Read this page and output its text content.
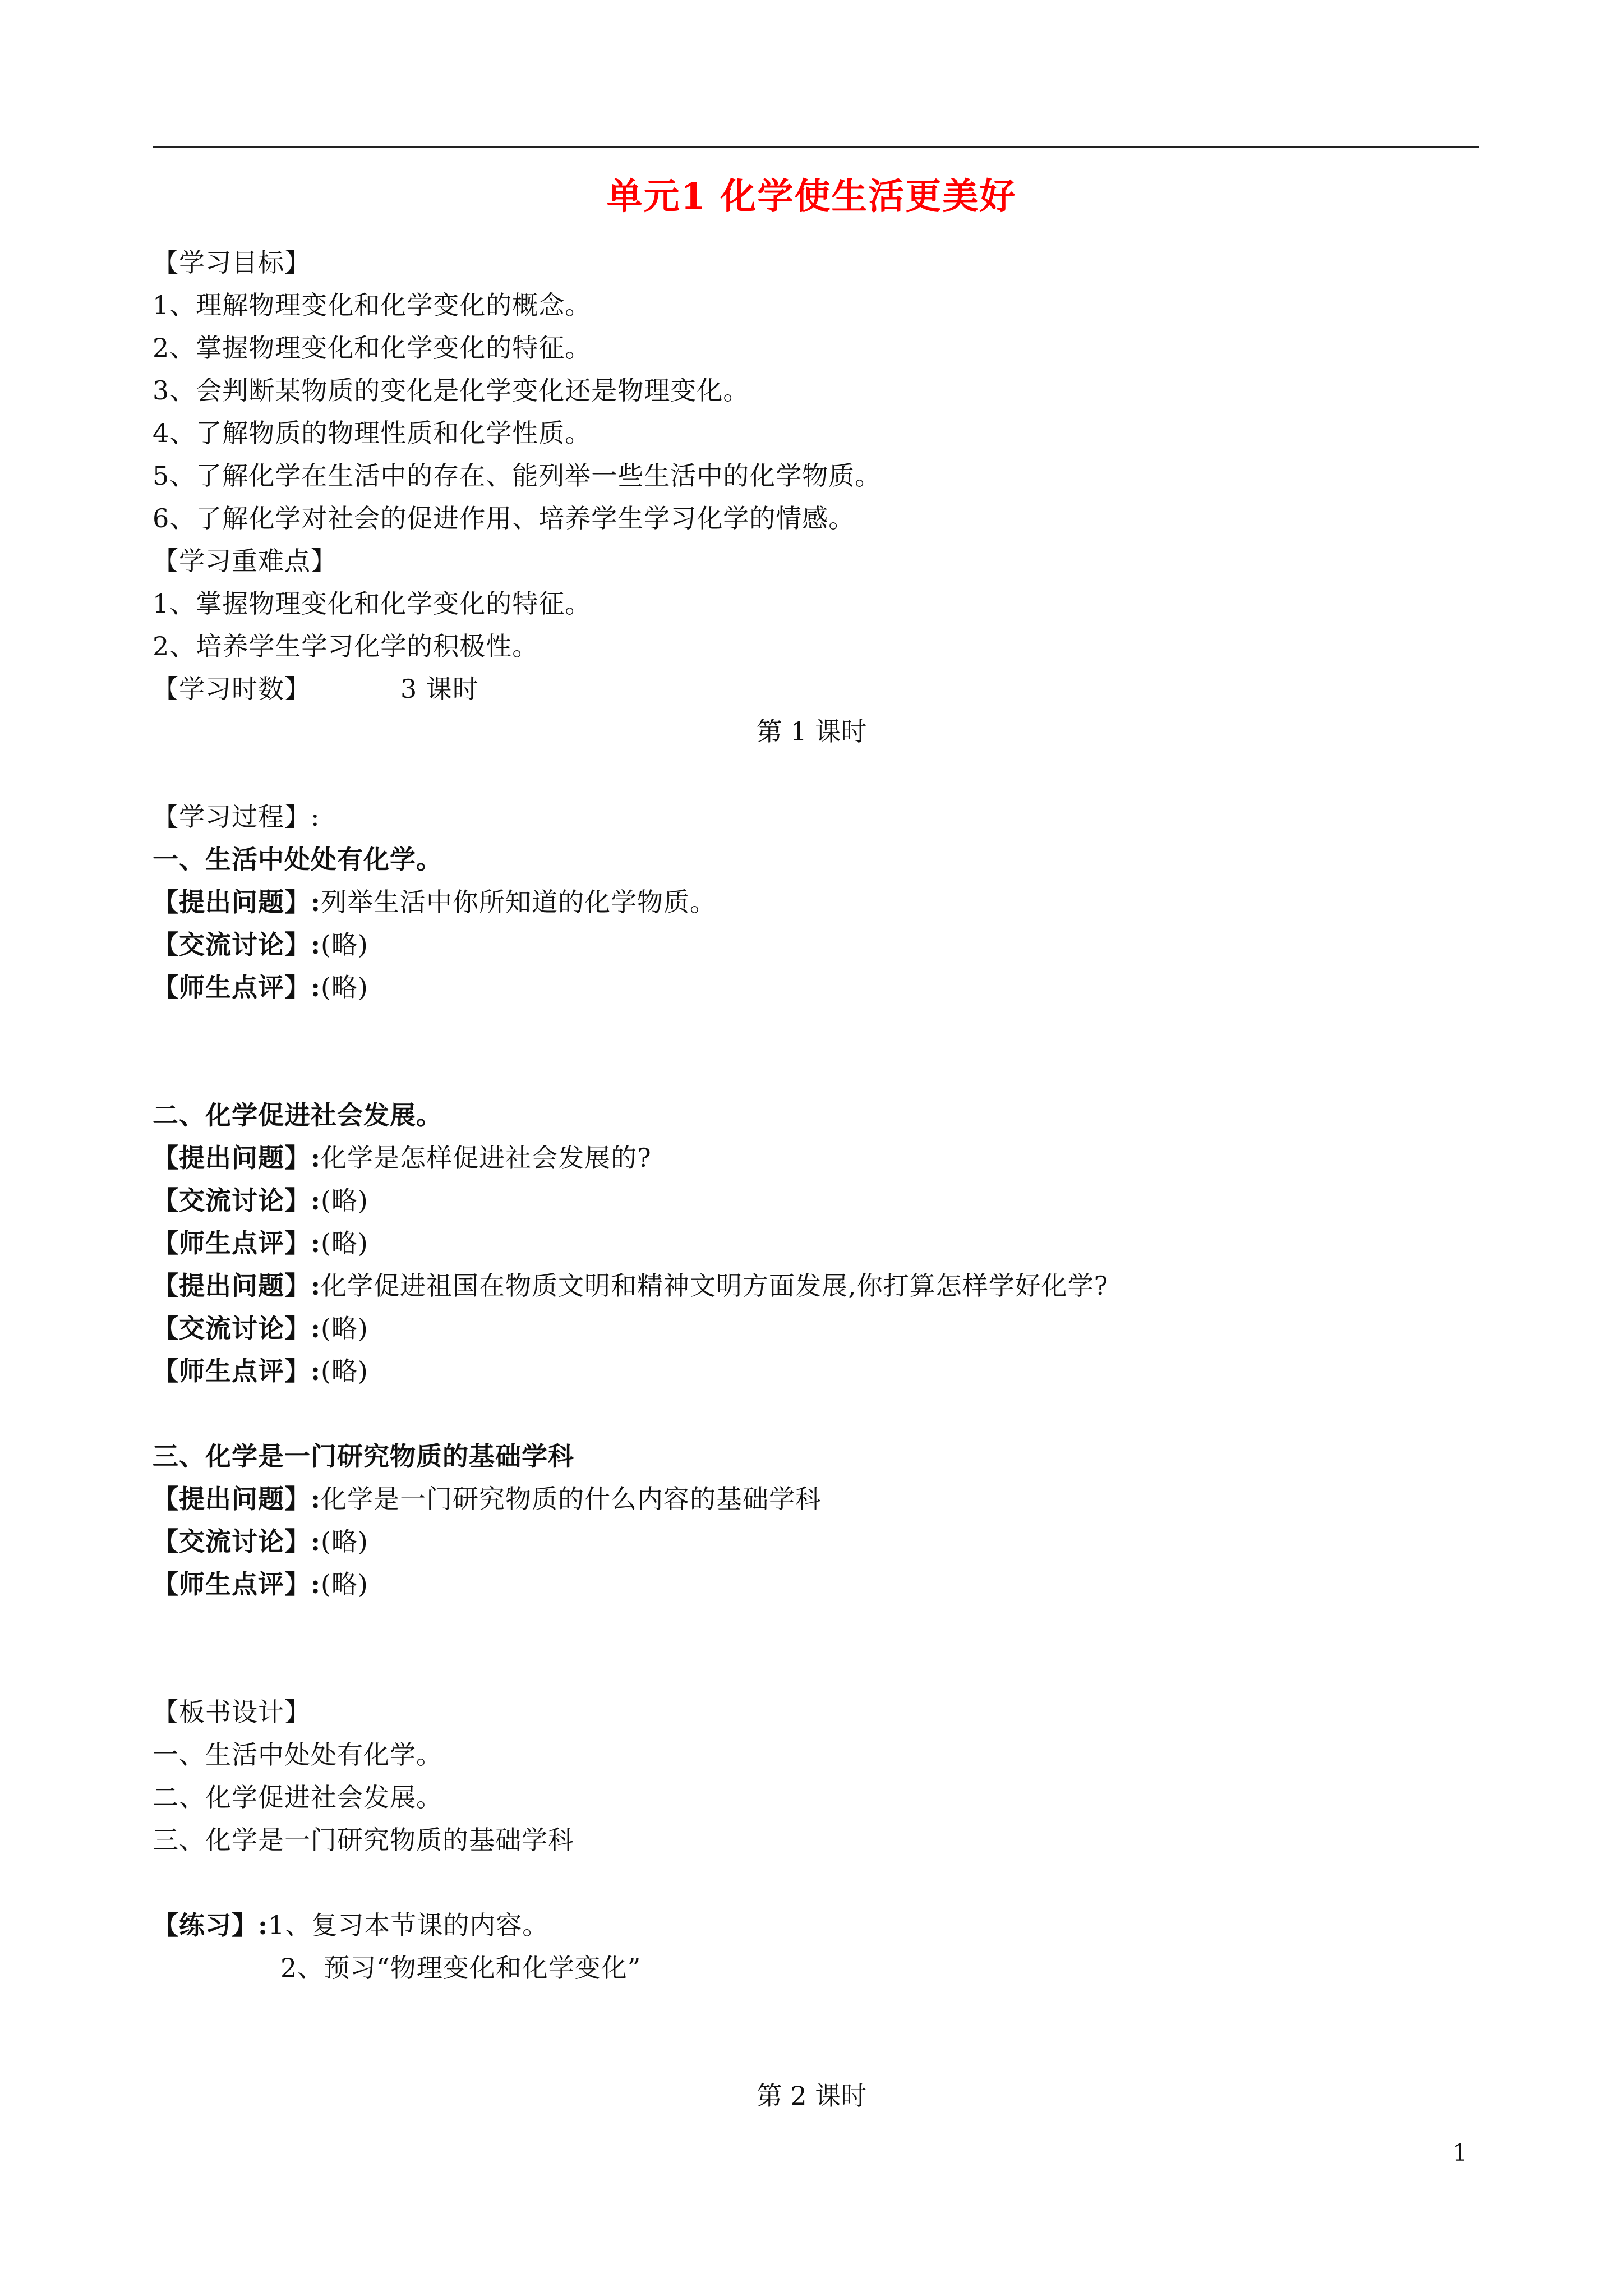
单元1 化学使生活更美好
【学习目标】
1、理解物理变化和化学变化的概念。
2、掌握物理变化和化学变化的特征。
3、会判断某物质的变化是化学变化还是物理变化。
4、了解物质的物理性质和化学性质。
5、了解化学在生活中的存在、能列举一些生活中的化学物质。
6、了解化学对社会的促进作用、培养学生学习化学的情感。
【学习重难点】
1、掌握物理变化和化学变化的特征。
2、培养学生学习化学的积极性。
【学习时数】	3 课时
第 1 课时
【学习过程】:
一、生活中处处有化学。
【提出问题】:列举生活中你所知道的化学物质。
【交流讨论】:(略)
【师生点评】:(略)
二、化学促进社会发展。
【提出问题】:化学是怎样促进社会发展的?
【交流讨论】:(略)
【师生点评】:(略)
【提出问题】:化学促进祖国在物质文明和精神文明方面发展,你打算怎样学好化学?
【交流讨论】:(略)
【师生点评】:(略)
三、化学是一门研究物质的基础学科
【提出问题】:化学是一门研究物质的什么内容的基础学科
【交流讨论】:(略)
【师生点评】:(略)
【板书设计】
一、生活中处处有化学。
二、化学促进社会发展。
三、化学是一门研究物质的基础学科
【练习】:1、复习本节课的内容。
2、预习“物理变化和化学变化”
第 2 课时
1
